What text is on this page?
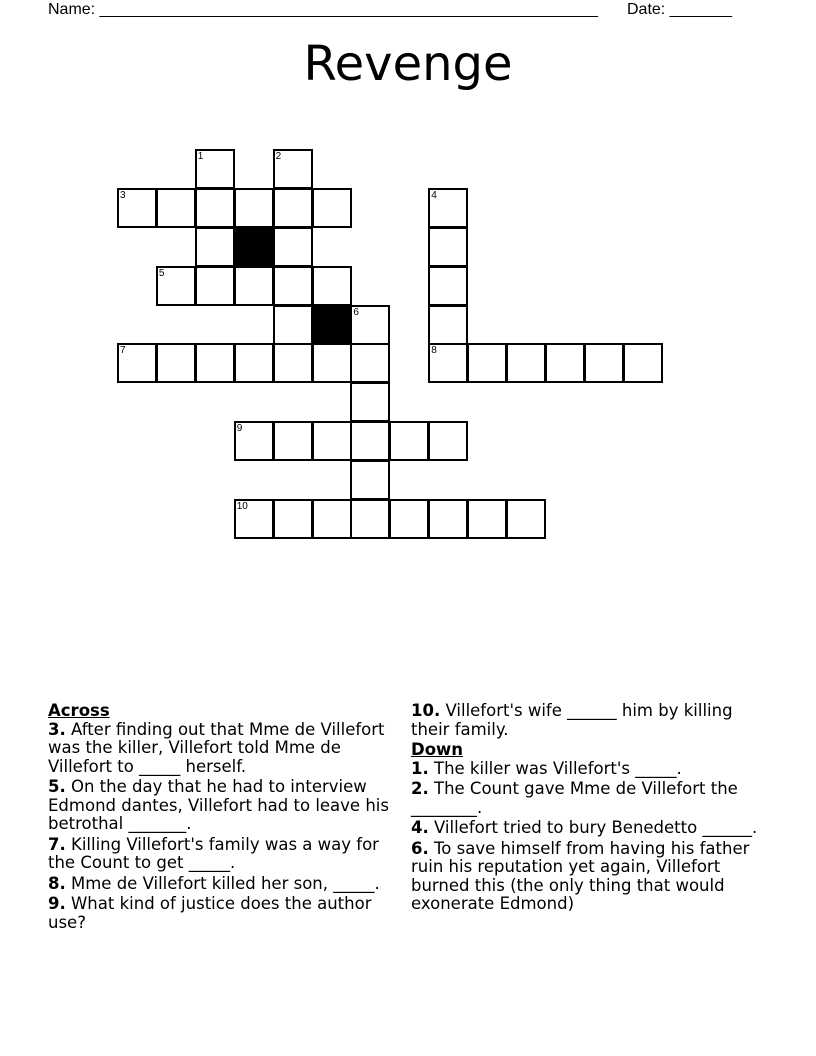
Name: ________________________________________________________ Date: _______
Revenge
1	2
3	4
5
6
7	8
9
10
Across
3. After finding out that Mme de Villefort was the killer, Villefort told Mme de Villefort to _____ herself.
5. On the day that he had to interview Edmond dantes, Villefort had to leave his betrothal _______.
7. Killing Villefort's family was a way for the Count to get _____.
8. Mme de Villefort killed her son, _____.
9. What kind of justice does the author use?
10. Villefort's wife ______ him by killing their family.
Down
1. The killer was Villefort's _____.
2. The Count gave Mme de Villefort the ________.
4. Villefort tried to bury Benedetto ______.
6. To save himself from having his father ruin his reputation yet again, Villefort burned this (the only thing that would exonerate Edmond)
